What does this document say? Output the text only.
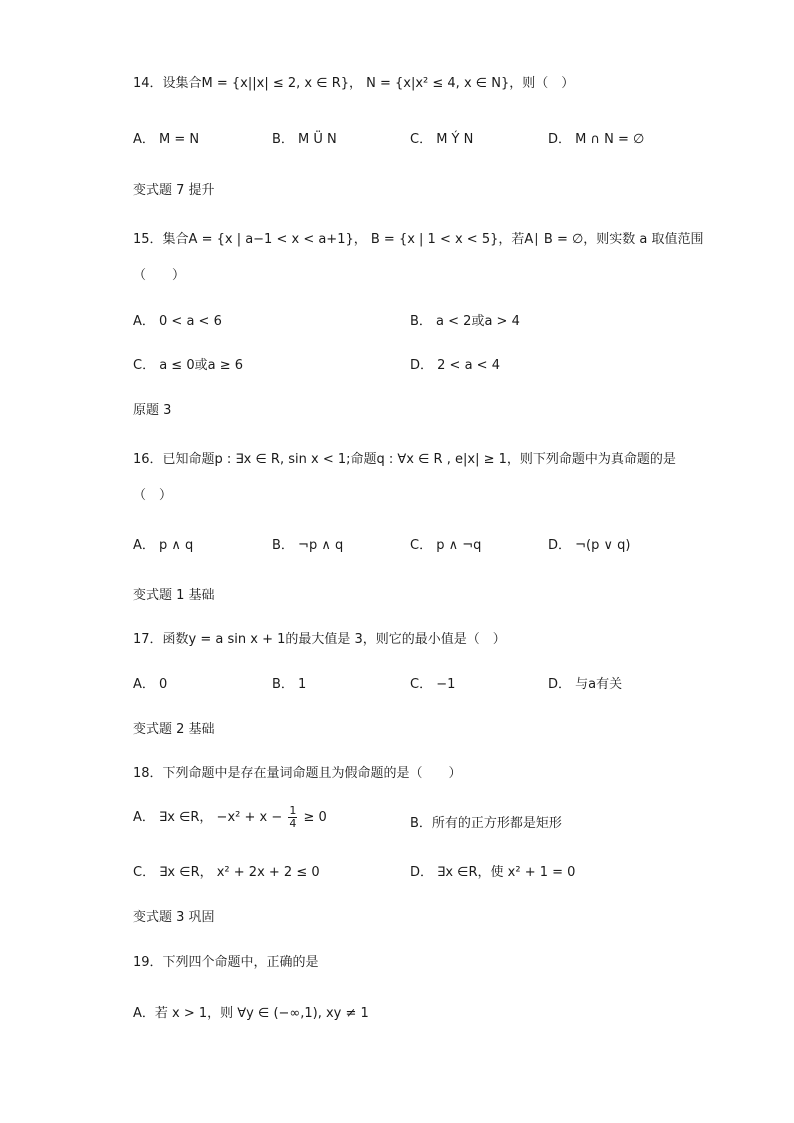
14．设集合M = {x||x| ≤ 2, x ∈ R}， N = {x|x² ≤ 4, x ∈ N}，则（　）
A． M = N	B． M Ü N	C． M Ý N	D． M ∩ N = ∅
变式题 7 提升
15．集合A = {x | a−1 < x < a+1}， B = {x | 1 < x < 5}，若A∣ B = ∅，则实数 a 取值范围
（　　）
A． 0 < a < 6	B． a < 2或a > 4
C． a ≤ 0或a ≥ 6	D． 2 < a < 4
原题 3
16．已知命题p : ∃x ∈ R, sin x < 1;命题q : ∀x ∈ R , e|x| ≥ 1，则下列命题中为真命题的是
（　）
A． p ∧ q	B． ¬p ∧ q	C． p ∧ ¬q	D． ¬(p ∨ q)
变式题 1 基础
17．函数y = a sin x + 1的最大值是 3，则它的最小值是（　）
A． 0	B． 1	C． −1	D． 与a有关
变式题 2 基础
18．下列命题中是存在量词命题且为假命题的是（　　）
A． ∃x ∈R， $-x^2 + x - \frac{1}{4} \ge 0$	B．所有的正方形都是矩形
C． ∃x ∈R， x² + 2x + 2 ≤ 0	D． ∃x ∈R，使 x² + 1 = 0
变式题 3 巩固
19．下列四个命题中，正确的是
A．若 x > 1，则 ∀y ∈ (−∞,1), xy ≠ 1
